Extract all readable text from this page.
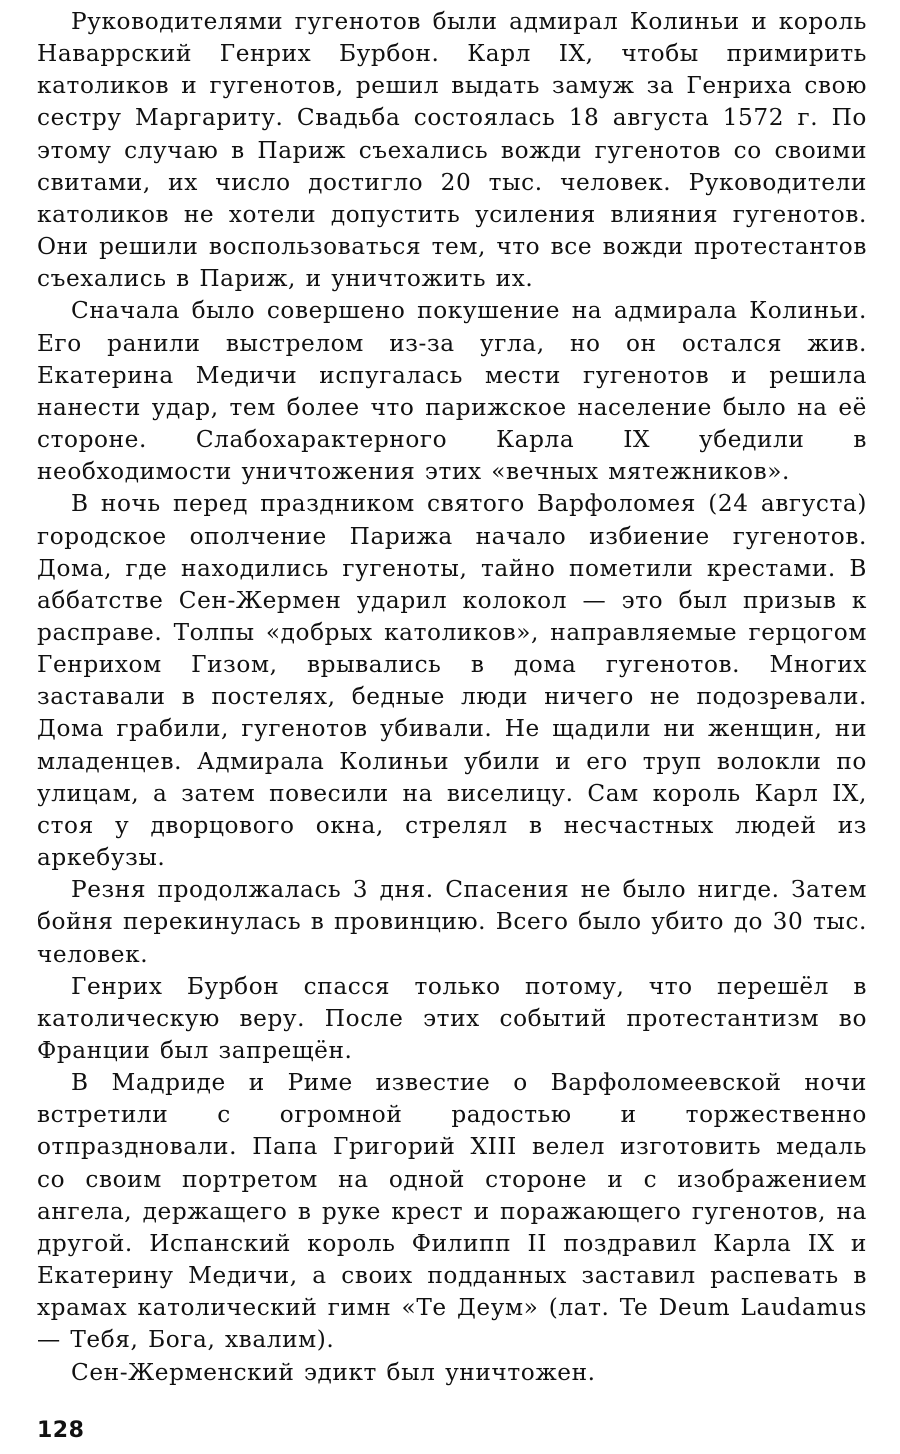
Руководителями гугенотов были адмирал Колиньи и король Наваррский Генрих Бурбон. Карл IX, чтобы примирить католиков и гугенотов, решил выдать замуж за Генриха свою сестру Маргариту. Свадьба состоялась 18 августа 1572 г. По этому случаю в Париж съехались вожди гугенотов со своими свитами, их число достигло 20 тыс. человек. Руководители католиков не хотели допустить усиления влияния гугенотов. Они решили воспользоваться тем, что все вожди протестантов съехались в Париж, и уничтожить их.

Сначала было совершено покушение на адмирала Колиньи. Его ранили выстрелом из-за угла, но он остался жив. Екатерина Медичи испугалась мести гугенотов и решила нанести удар, тем более что парижское население было на её стороне. Слабохарактерного Карла IX убедили в необходимости уничтожения этих «вечных мятежников».

В ночь перед праздником святого Варфоломея (24 августа) городское ополчение Парижа начало избиение гугенотов. Дома, где находились гугеноты, тайно пометили крестами. В аббатстве Сен-Жермен ударил колокол — это был призыв к расправе. Толпы «добрых католиков», направляемые герцогом Генрихом Гизом, врывались в дома гугенотов. Многих заставали в постелях, бедные люди ничего не подозревали. Дома грабили, гугенотов убивали. Не щадили ни женщин, ни младенцев. Адмирала Колиньи убили и его труп волокли по улицам, а затем повесили на виселицу. Сам король Карл IX, стоя у дворцового окна, стрелял в несчастных людей из аркебузы.

Резня продолжалась 3 дня. Спасения не было нигде. Затем бойня перекинулась в провинцию. Всего было убито до 30 тыс. человек.

Генрих Бурбон спасся только потому, что перешёл в католическую веру. После этих событий протестантизм во Франции был запрещён.

В Мадриде и Риме известие о Варфоломеевской ночи встретили с огромной радостью и торжественно отпраздновали. Папа Григорий XIII велел изготовить медаль со своим портретом на одной стороне и с изображением ангела, держащего в руке крест и поражающего гугенотов, на другой. Испанский король Филипп II поздравил Карла IX и Екатерину Медичи, а своих подданных заставил распевать в храмах католический гимн «Те Деум» (лат. Te Deum Laudamus — Тебя, Бога, хвалим).

Сен-Жерменский эдикт был уничтожен.

128
